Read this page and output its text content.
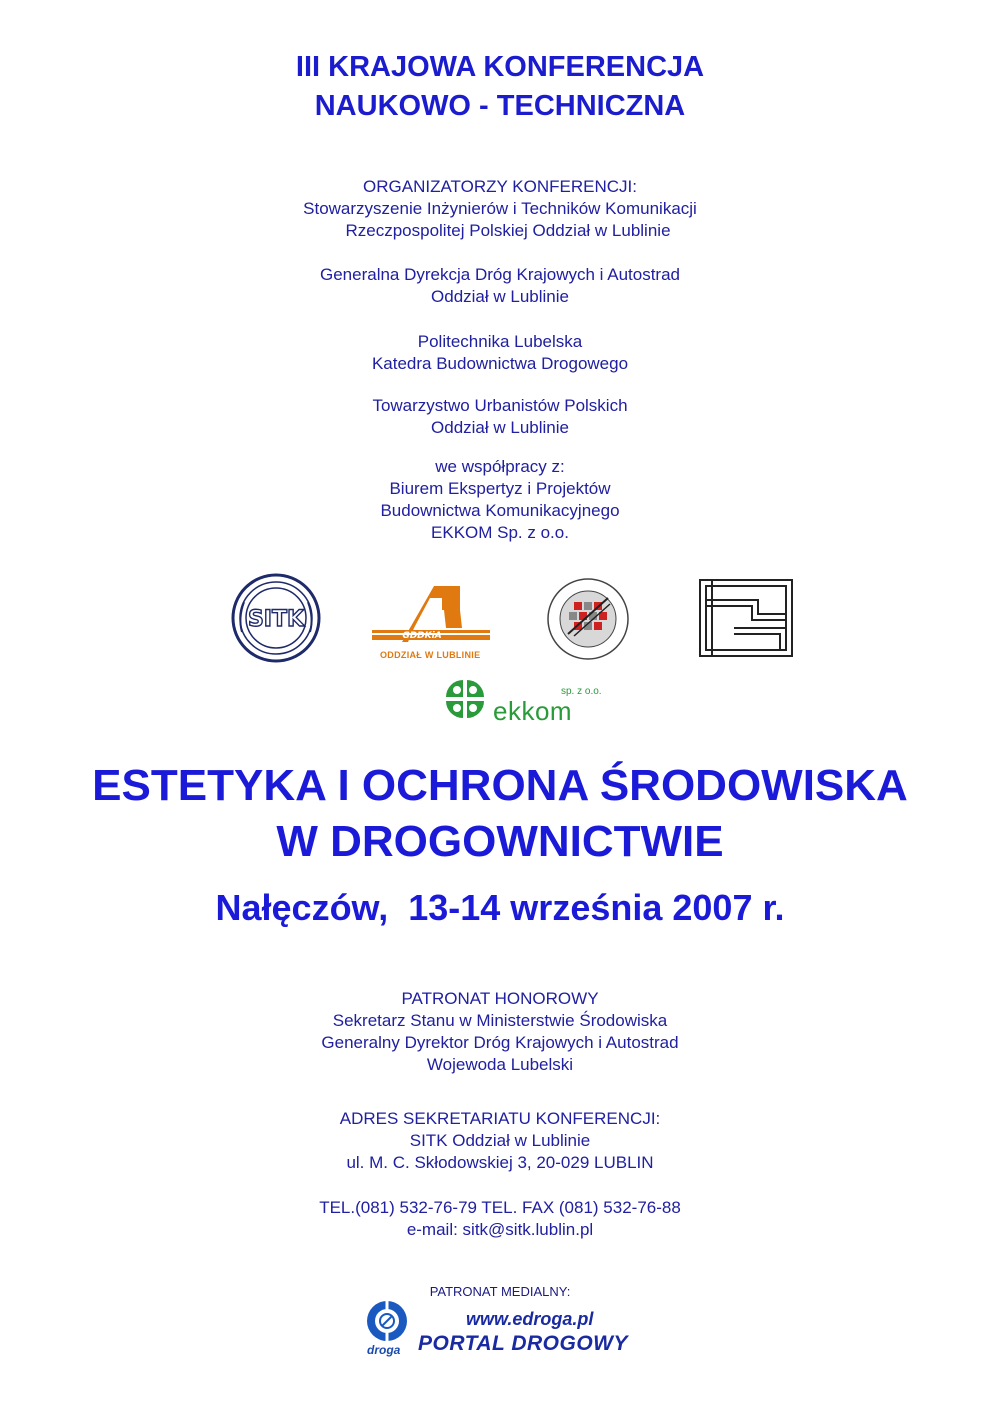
III KRAJOWA KONFERENCJA
NAUKOWO - TECHNICZNA
ORGANIZATORZY KONFERENCJI:
Stowarzyszenie Inżynierów i Techników Komunikacji
Rzeczpospolitej Polskiej Oddział w Lublinie
Generalna Dyrekcja Dróg Krajowych i Autostrad
Oddział w Lublinie
Politechnika Lubelska
Katedra Budownictwa Drogowego
Towarzystwo Urbanistów Polskich
Oddział w Lublinie
we współpracy z:
Biurem Ekspertyz i Projektów
Budownictwa Komunikacyjnego
EKKOM Sp. z o.o.
SITK
GDDKiA
ODDZIAŁ W LUBLINIE
sp. z o.o.
ekkom
ESTETYKA I OCHRONA ŚRODOWISKA
W DROGOWNICTWIE
Nałęczów,  13-14 września 2007 r.
PATRONAT HONOROWY
Sekretarz Stanu w Ministerstwie Środowiska
Generalny Dyrektor Dróg Krajowych i Autostrad
Wojewoda Lubelski
ADRES SEKRETARIATU KONFERENCJI:
SITK Oddział w Lublinie
ul. M. C. Skłodowskiej 3, 20-029 LUBLIN
TEL.(081) 532-76-79 TEL. FAX (081) 532-76-88
e-mail: sitk@sitk.lublin.pl
PATRONAT MEDIALNY:
droga
www.edroga.pl
PORTAL DROGOWY
